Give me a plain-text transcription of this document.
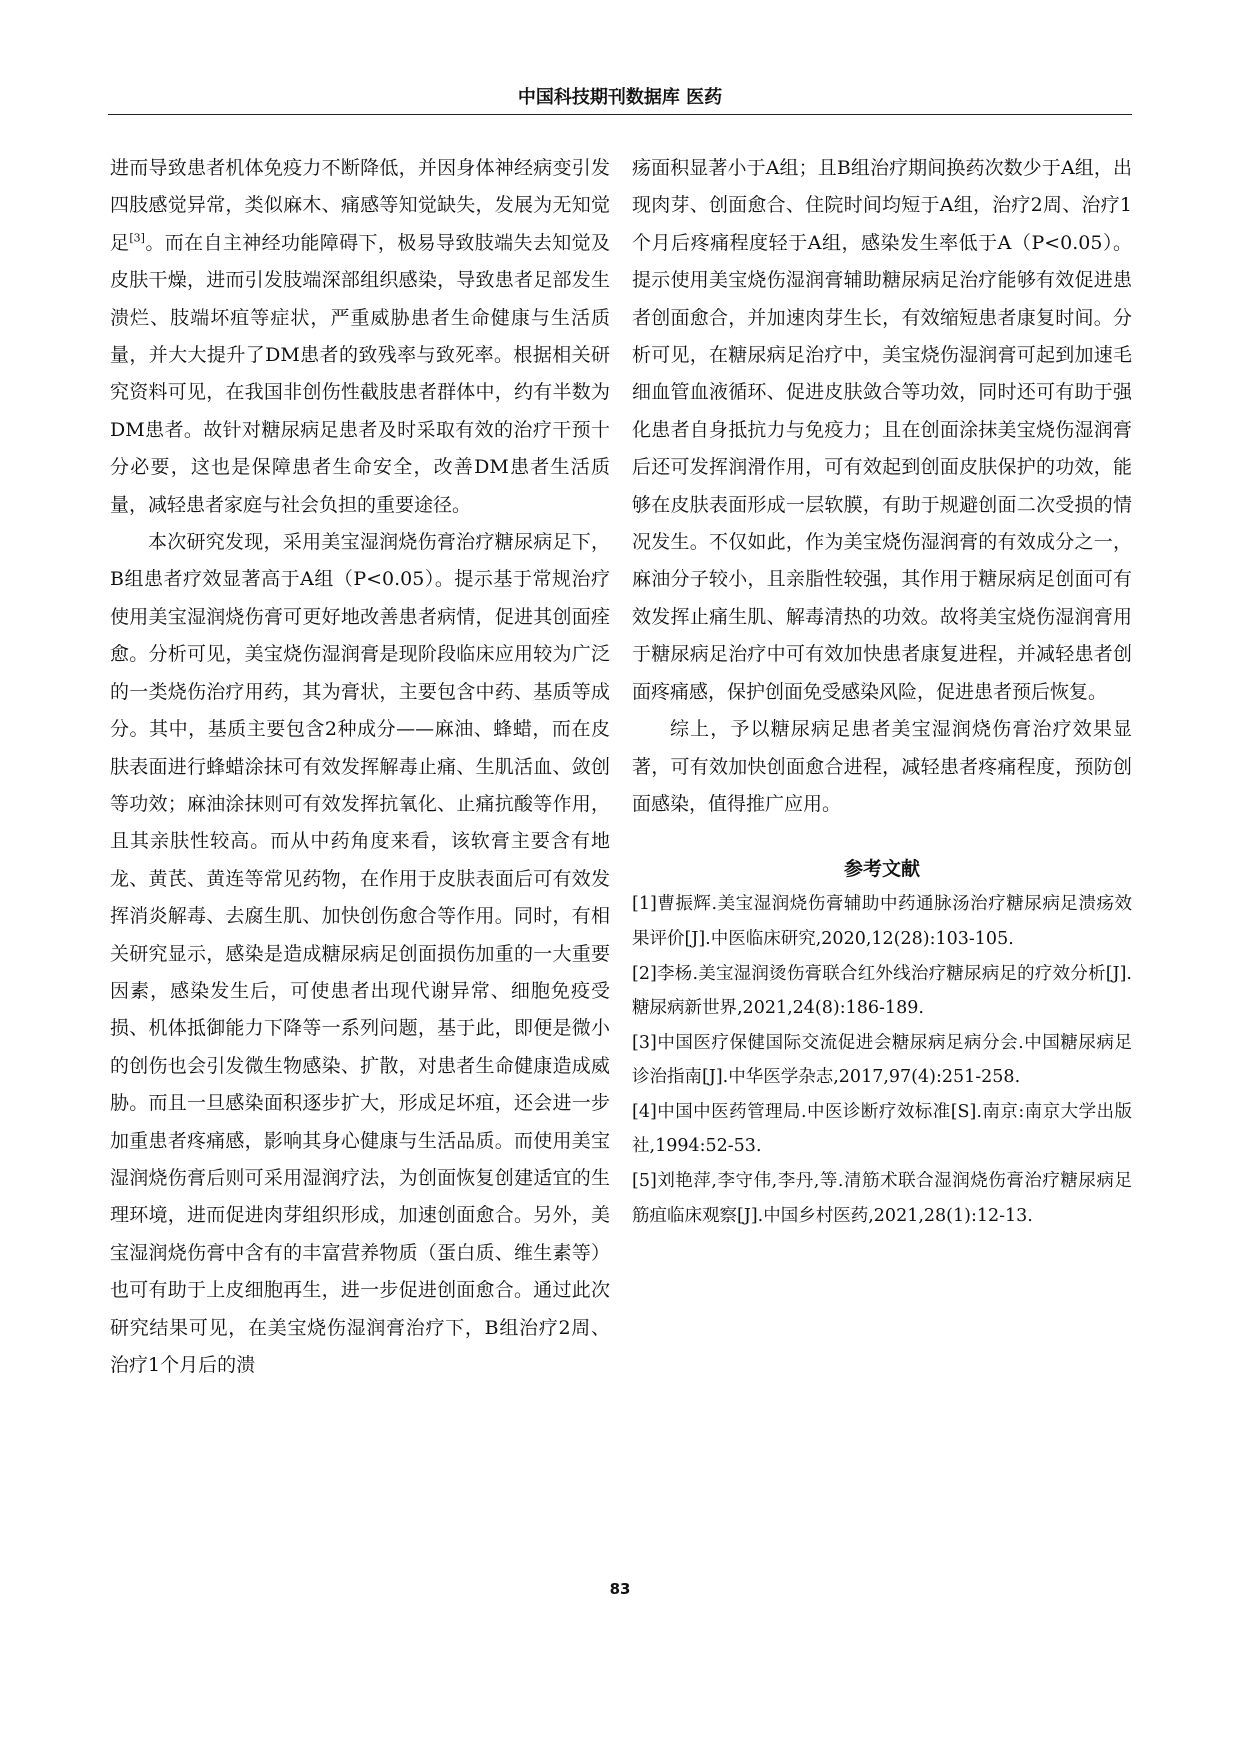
中国科技期刊数据库 医药

进而导致患者机体免疫力不断降低，并因身体神经病变引发四肢感觉异常，类似麻木、痛感等知觉缺失，发展为无知觉足[3]。而在自主神经功能障碍下，极易导致肢端失去知觉及皮肤干燥，进而引发肢端深部组织感染，导致患者足部发生溃烂、肢端坏疽等症状，严重威胁患者生命健康与生活质量，并大大提升了DM患者的致残率与致死率。根据相关研究资料可见，在我国非创伤性截肢患者群体中，约有半数为DM患者。故针对糖尿病足患者及时采取有效的治疗干预十分必要，这也是保障患者生命安全，改善DM患者生活质量，减轻患者家庭与社会负担的重要途径。

本次研究发现，采用美宝湿润烧伤膏治疗糖尿病足下，B组患者疗效显著高于A组（P<0.05）。提示基于常规治疗使用美宝湿润烧伤膏可更好地改善患者病情，促进其创面痊愈。分析可见，美宝烧伤湿润膏是现阶段临床应用较为广泛的一类烧伤治疗用药，其为膏状，主要包含中药、基质等成分。其中，基质主要包含2种成分——麻油、蜂蜡，而在皮肤表面进行蜂蜡涂抹可有效发挥解毒止痛、生肌活血、敛创等功效；麻油涂抹则可有效发挥抗氧化、止痛抗酸等作用，且其亲肤性较高。而从中药角度来看，该软膏主要含有地龙、黄芪、黄连等常见药物，在作用于皮肤表面后可有效发挥消炎解毒、去腐生肌、加快创伤愈合等作用。同时，有相关研究显示，感染是造成糖尿病足创面损伤加重的一大重要因素，感染发生后，可使患者出现代谢异常、细胞免疫受损、机体抵御能力下降等一系列问题，基于此，即便是微小的创伤也会引发微生物感染、扩散，对患者生命健康造成威胁。而且一旦感染面积逐步扩大，形成足坏疽，还会进一步加重患者疼痛感，影响其身心健康与生活品质。而使用美宝湿润烧伤膏后则可采用湿润疗法，为创面恢复创建适宜的生理环境，进而促进肉芽组织形成，加速创面愈合。另外，美宝湿润烧伤膏中含有的丰富营养物质（蛋白质、维生素等）也可有助于上皮细胞再生，进一步促进创面愈合。通过此次研究结果可见，在美宝烧伤湿润膏治疗下，B组治疗2周、治疗1个月后的溃

疡面积显著小于A组；且B组治疗期间换药次数少于A组，出现肉芽、创面愈合、住院时间均短于A组，治疗2周、治疗1个月后疼痛程度轻于A组，感染发生率低于A（P<0.05）。提示使用美宝烧伤湿润膏辅助糖尿病足治疗能够有效促进患者创面愈合，并加速肉芽生长，有效缩短患者康复时间。分析可见，在糖尿病足治疗中，美宝烧伤湿润膏可起到加速毛细血管血液循环、促进皮肤敛合等功效，同时还可有助于强化患者自身抵抗力与免疫力；且在创面涂抹美宝烧伤湿润膏后还可发挥润滑作用，可有效起到创面皮肤保护的功效，能够在皮肤表面形成一层软膜，有助于规避创面二次受损的情况发生。不仅如此，作为美宝烧伤湿润膏的有效成分之一，麻油分子较小，且亲脂性较强，其作用于糖尿病足创面可有效发挥止痛生肌、解毒清热的功效。故将美宝烧伤湿润膏用于糖尿病足治疗中可有效加快患者康复进程，并减轻患者创面疼痛感，保护创面免受感染风险，促进患者预后恢复。

综上，予以糖尿病足患者美宝湿润烧伤膏治疗效果显著，可有效加快创面愈合进程，减轻患者疼痛程度，预防创面感染，值得推广应用。

参考文献

[1]曹振辉.美宝湿润烧伤膏辅助中药通脉汤治疗糖尿病足溃疡效果评价[J].中医临床研究,2020,12(28):103-105.

[2]李杨.美宝湿润烫伤膏联合红外线治疗糖尿病足的疗效分析[J].糖尿病新世界,2021,24(8):186-189.

[3]中国医疗保健国际交流促进会糖尿病足病分会.中国糖尿病足诊治指南[J].中华医学杂志,2017,97(4):251-258.

[4]中国中医药管理局.中医诊断疗效标准[S].南京:南京大学出版社,1994:52-53.

[5]刘艳萍,李守伟,李丹,等.清筋术联合湿润烧伤膏治疗糖尿病足筋疽临床观察[J].中国乡村医药,2021,28(1):12-13.

83
